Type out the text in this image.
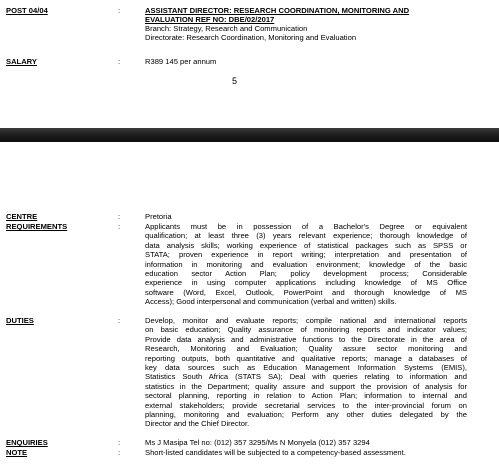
POST 04/04	:	ASSISTANT DIRECTOR: RESEARCH COORDINATION, MONITORING AND
EVALUATION REF NO: DBE/02/2017
Branch: Strategy, Research and Communication
Directorate: Research Coordination, Monitoring and Evaluation
SALARY	:	R389 145 per annum
5
CENTRE	:	Pretoria
REQUIREMENTS	:	Applicants must be in possession of a Bachelor's Degree or equivalent
qualification; at least three (3) years relevant experience; thorough knowledge of
data analysis skills; working experience of statistical packages such as SPSS or
STATA; proven experience in report writing; interpretation and presentation of
information in monitoring and evaluation environment; knowledge of the basic
education sector Action Plan; policy development process; Considerable
experience in using computer applications including knowledge of MS Office
software (Word, Excel, Outlook, PowerPoint and thorough knowledge of MS
Access); Good interpersonal and communication (verbal and written) skills.
DUTIES	:	Develop, monitor and evaluate reports; compile national and international reports
on basic education; Quality assurance of monitoring reports and indicator values;
Provide data analysis and administrative functions to the Directorate in the area of
Research, Monitoring and Evaluation; Quality assure sector monitoring and
reporting outputs, both quantitative and qualitative reports; manage a databases of
key data sources such as Education Management Information Systems (EMIS),
Statistics South Africa (STATS SA); Deal with queries relating to information and
statistics in the Department; quality assure and support the provision of analysis for
sectoral planning, reporting in relation to Action Plan; information to internal and
external stakeholders; provide secretarial services to the inter-provincial forum on
planning, monitoring and evaluation; Perform any other duties delegated by the
Director and the Chief Director.
ENQUIRIES	:	Ms J Masipa Tel no: (012) 357 3295/Ms N Monyela (012) 357 3294
NOTE	:	Short-listed candidates will be subjected to a competency-based assessment.
